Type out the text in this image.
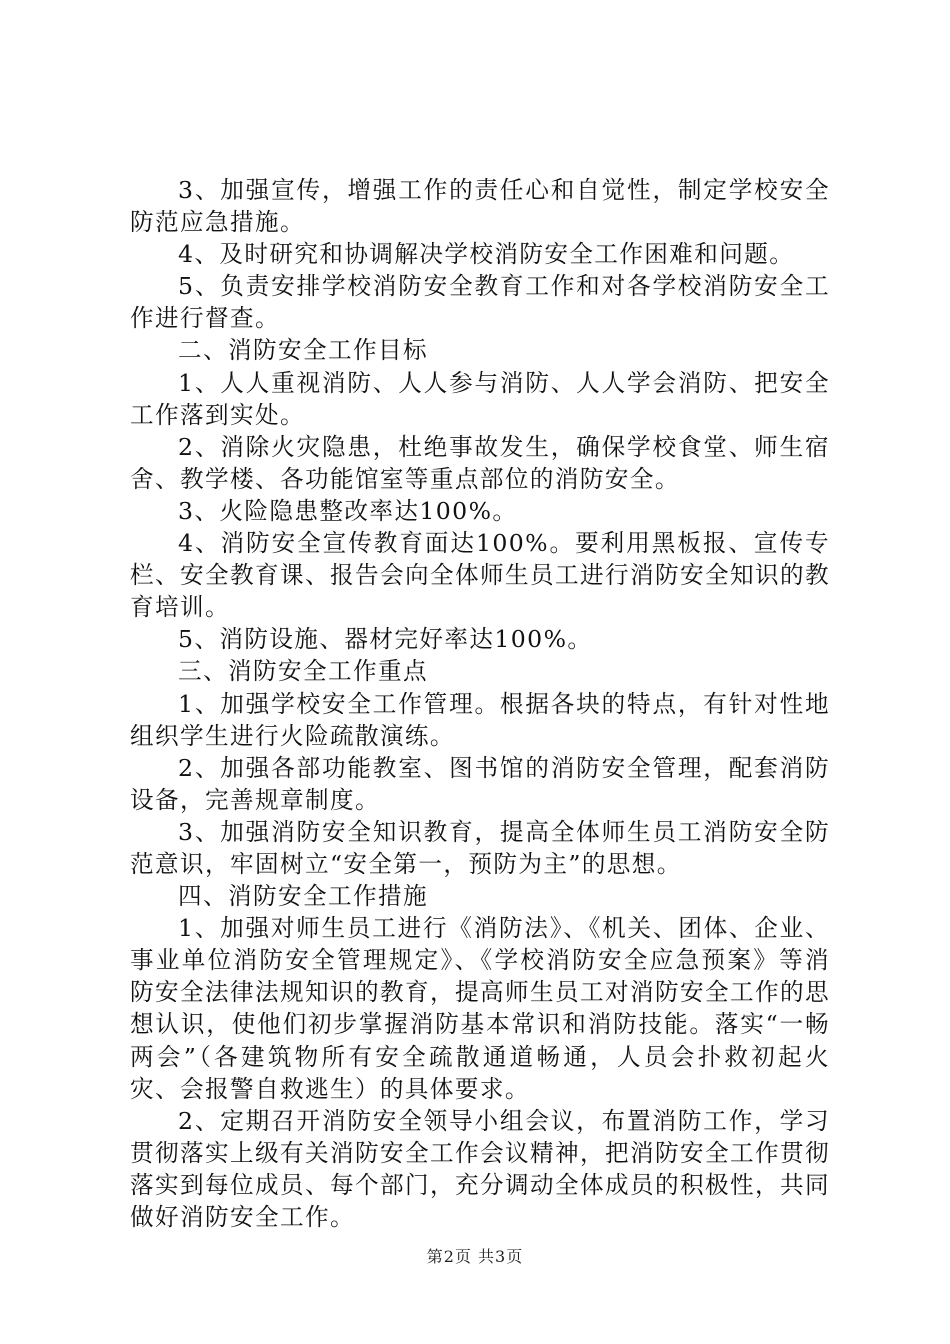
3、加强宣传，增强工作的责任心和自觉性，制定学校安全防范应急措施。

4、及时研究和协调解决学校消防安全工作困难和问题。

5、负责安排学校消防安全教育工作和对各学校消防安全工作进行督查。

二、消防安全工作目标

1、人人重视消防、人人参与消防、人人学会消防、把安全工作落到实处。

2、消除火灾隐患，杜绝事故发生，确保学校食堂、师生宿舍、教学楼、各功能馆室等重点部位的消防安全。

3、火险隐患整改率达100%。

4、消防安全宣传教育面达100%。要利用黑板报、宣传专栏、安全教育课、报告会向全体师生员工进行消防安全知识的教育培训。

5、消防设施、器材完好率达100%。

三、消防安全工作重点

1、加强学校安全工作管理。根据各块的特点，有针对性地组织学生进行火险疏散演练。

2、加强各部功能教室、图书馆的消防安全管理，配套消防设备，完善规章制度。

3、加强消防安全知识教育，提高全体师生员工消防安全防范意识，牢固树立“安全第一，预防为主”的思想。

四、消防安全工作措施

1、加强对师生员工进行《消防法》、《机关、团体、企业、事业单位消防安全管理规定》、《学校消防安全应急预案》等消防安全法律法规知识的教育，提高师生员工对消防安全工作的思想认识，使他们初步掌握消防基本常识和消防技能。落实“一畅两会”（各建筑物所有安全疏散通道畅通，人员会扑救初起火灾、会报警自救逃生）的具体要求。

2、定期召开消防安全领导小组会议，布置消防工作，学习贯彻落实上级有关消防安全工作会议精神，把消防安全工作贯彻落实到每位成员、每个部门，充分调动全体成员的积极性，共同做好消防安全工作。

第2页 共3页
